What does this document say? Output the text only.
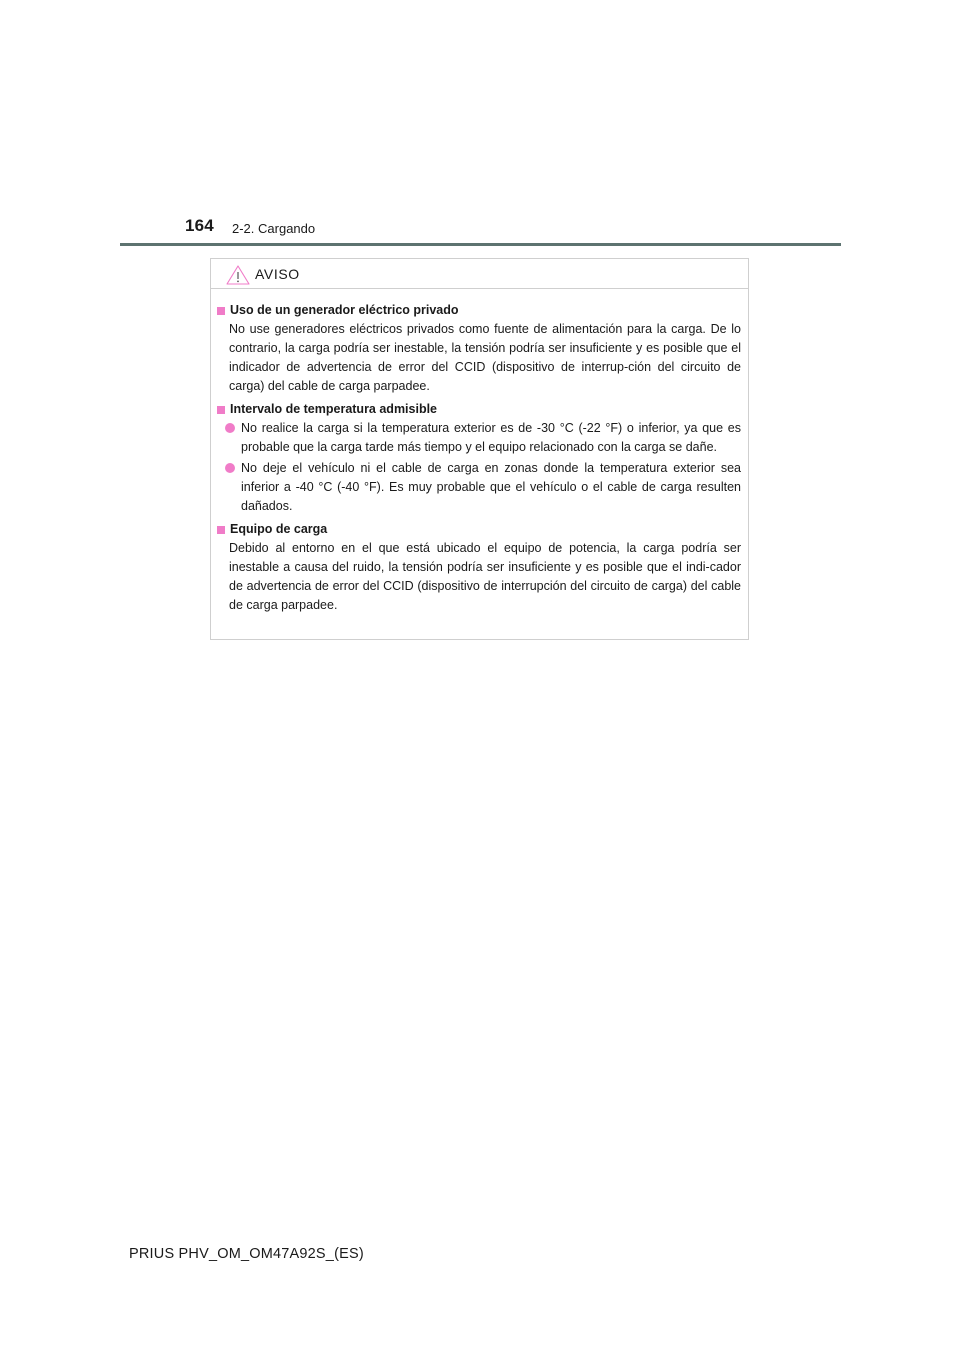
164 2-2. Cargando
AVISO
Uso de un generador eléctrico privado
No use generadores eléctricos privados como fuente de alimentación para la carga. De lo contrario, la carga podría ser inestable, la tensión podría ser insuficiente y es posible que el indicador de advertencia de error del CCID (dispositivo de interrup-ción del circuito de carga) del cable de carga parpadee.
Intervalo de temperatura admisible
No realice la carga si la temperatura exterior es de -30 °C (-22 °F) o inferior, ya que es probable que la carga tarde más tiempo y el equipo relacionado con la carga se dañe.
No deje el vehículo ni el cable de carga en zonas donde la temperatura exterior sea inferior a -40 °C (-40 °F). Es muy probable que el vehículo o el cable de carga resulten dañados.
Equipo de carga
Debido al entorno en el que está ubicado el equipo de potencia, la carga podría ser inestable a causa del ruido, la tensión podría ser insuficiente y es posible que el indi-cador de advertencia de error del CCID (dispositivo de interrupción del circuito de carga) del cable de carga parpadee.
PRIUS PHV_OM_OM47A92S_(ES)
